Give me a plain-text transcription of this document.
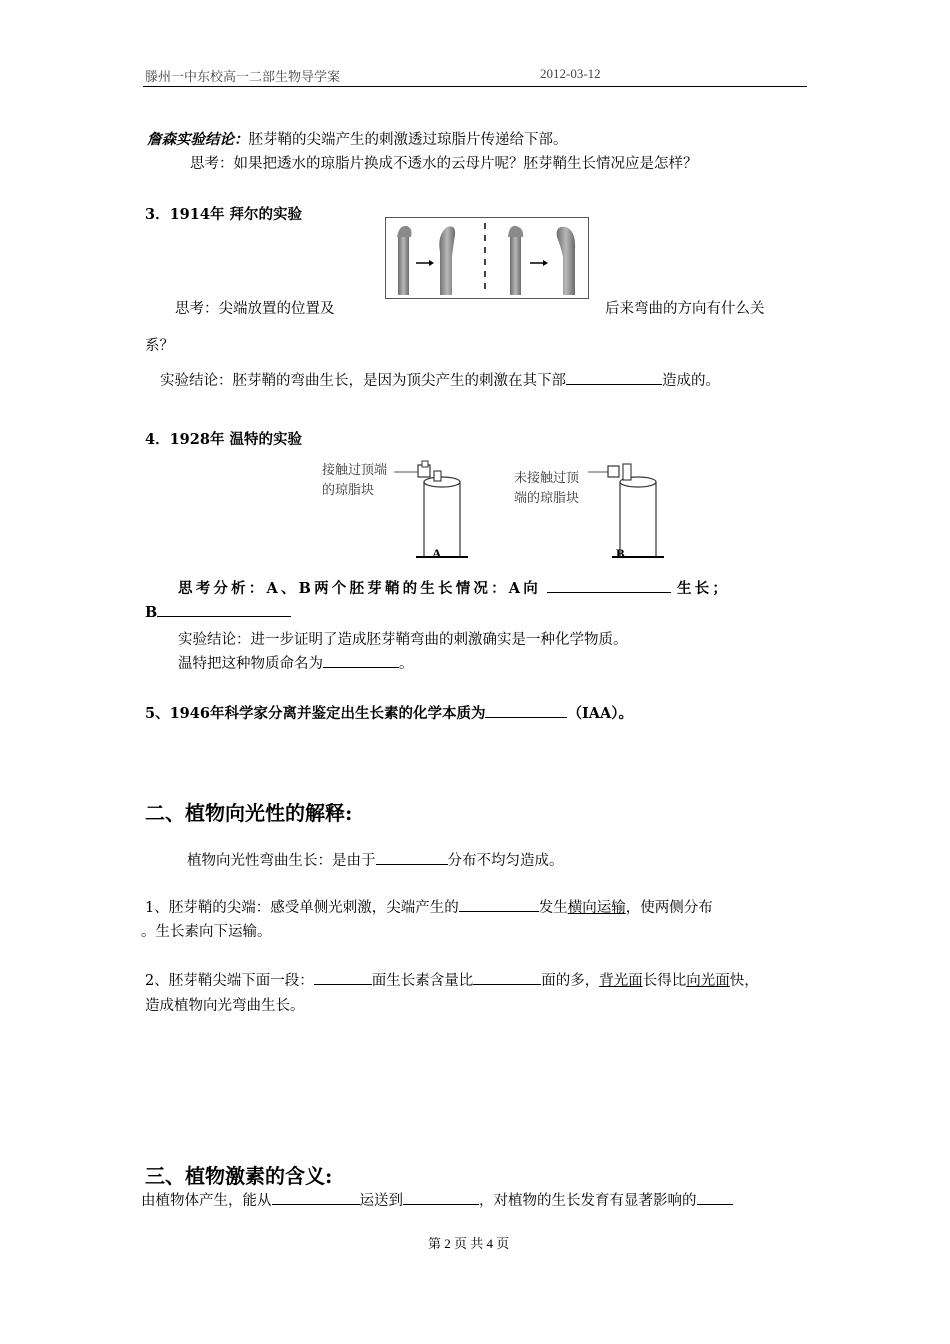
滕州一中东校高一二部生物导学案	2012-03-12
詹森实验结论：胚芽鞘的尖端产生的刺激透过琼脂片传递给下部。
思考：如果把透水的琼脂片换成不透水的云母片呢？胚芽鞘生长情况应是怎样？
3．1914年 拜尔的实验
思考：尖端放置的位置及	后来弯曲的方向有什么关
系？
实验结论：胚芽鞘的弯曲生长，是因为顶尖产生的刺激在其下部	造成的。
4．1928年 温特的实验
接触过顶端
的琼脂块
A
未接触过顶
端的琼脂块
B
思考分析：A、B两个胚芽鞘的生长情况：A向	生长；
B
实验结论：进一步证明了造成胚芽鞘弯曲的刺激确实是一种化学物质。
温特把这种物质命名为	。
5、1946年科学家分离并鉴定出生长素的化学本质为	（IAA）。
二、植物向光性的解释:
植物向光性弯曲生长：是由于	分布不均匀造成。
1、胚芽鞘的尖端：感受单侧光刺激，尖端产生的	发生横向运输，使两侧分布
。生长素向下运输。
2、胚芽鞘尖端下面一段：	面生长素含量比	面的多，背光面长得比向光面快，
造成植物向光弯曲生长。
三、植物激素的含义:
由植物体产生，能从	运送到	，对植物的生长发育有显著影响的
第 2 页 共 4 页
